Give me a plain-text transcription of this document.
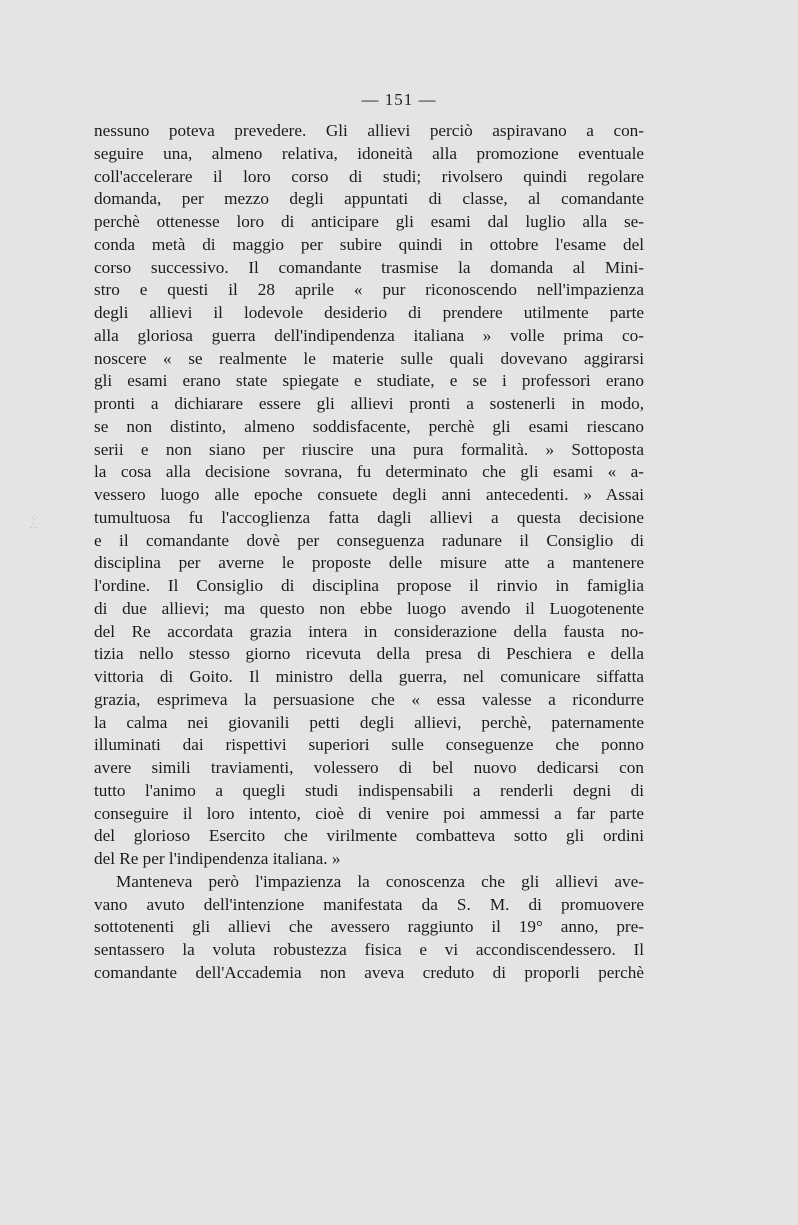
⁘
∴
— 151 —
nessuno poteva prevedere. Gli allievi perciò aspiravano a con-
seguire una, almeno relativa, idoneità alla promozione eventuale
coll'accelerare il loro corso di studi; rivolsero quindi regolare
domanda, per mezzo degli appuntati di classe, al comandante
perchè ottenesse loro di anticipare gli esami dal luglio alla se-
conda metà di maggio per subire quindi in ottobre l'esame del
corso successivo. Il comandante trasmise la domanda al Mini-
stro e questi il 28 aprile « pur riconoscendo nell'impazienza
degli allievi il lodevole desiderio di prendere utilmente parte
alla gloriosa guerra dell'indipendenza italiana » volle prima co-
noscere « se realmente le materie sulle quali dovevano aggirarsi
gli esami erano state spiegate e studiate, e se i professori erano
pronti a dichiarare essere gli allievi pronti a sostenerli in modo,
se non distinto, almeno soddisfacente, perchè gli esami riescano
serii e non siano per riuscire una pura formalità. » Sottoposta
la cosa alla decisione sovrana, fu determinato che gli esami « a-
vessero luogo alle epoche consuete degli anni antecedenti. » Assai
tumultuosa fu l'accoglienza fatta dagli allievi a questa decisione
e il comandante dovè per conseguenza radunare il Consiglio di
disciplina per averne le proposte delle misure atte a mantenere
l'ordine. Il Consiglio di disciplina propose il rinvio in famiglia
di due allievi; ma questo non ebbe luogo avendo il Luogotenente
del Re accordata grazia intera in considerazione della fausta no-
tizia nello stesso giorno ricevuta della presa di Peschiera e della
vittoria di Goito. Il ministro della guerra, nel comunicare siffatta
grazia, esprimeva la persuasione che « essa valesse a ricondurre
la calma nei giovanili petti degli allievi, perchè, paternamente
illuminati dai rispettivi superiori sulle conseguenze che ponno
avere simili traviamenti, volessero di bel nuovo dedicarsi con
tutto l'animo a quegli studi indispensabili a renderli degni di
conseguire il loro intento, cioè di venire poi ammessi a far parte
del glorioso Esercito che virilmente combatteva sotto gli ordini
del Re per l'indipendenza italiana. »
Manteneva però l'impazienza la conoscenza che gli allievi ave-
vano avuto dell'intenzione manifestata da S. M. di promuovere
sottotenenti gli allievi che avessero raggiunto il 19° anno, pre-
sentassero la voluta robustezza fisica e vi accondiscendessero. Il
comandante dell'Accademia non aveva creduto di proporli perchè
